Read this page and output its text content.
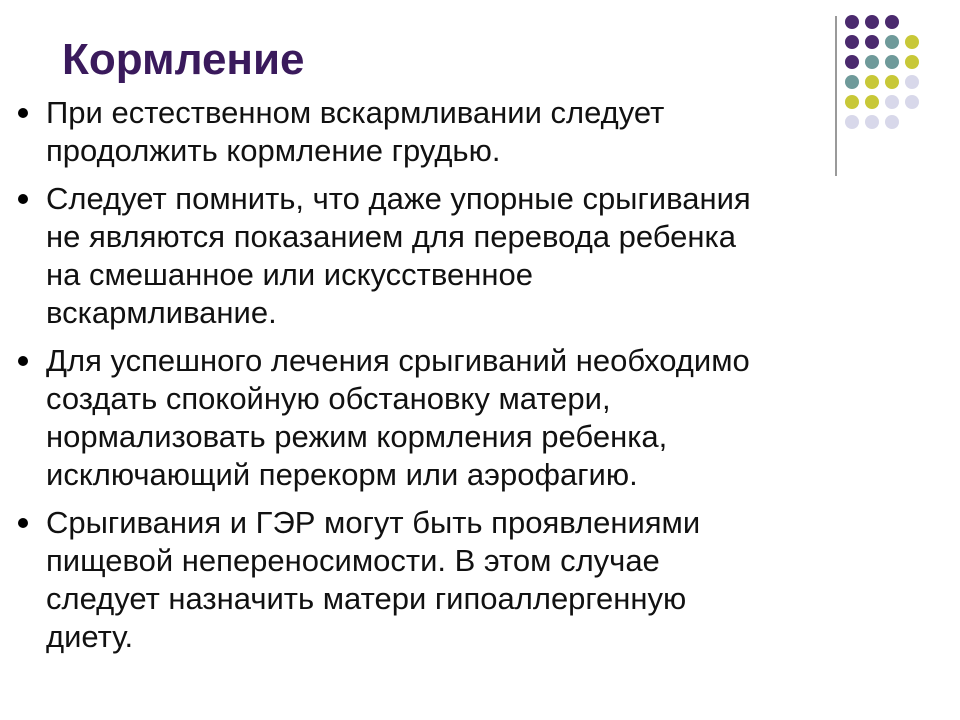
Кормление
При естественном вскармливании следует
продолжить кормление грудью.
Следует помнить, что даже упорные срыгивания
не являются показанием для перевода ребенка
на смешанное или искусственное
вскармливание.
Для успешного лечения срыгиваний необходимо
создать спокойную обстановку матери,
нормализовать режим кормления ребенка,
исключающий перекорм или аэрофагию.
Срыгивания и ГЭР могут быть проявлениями
пищевой непереносимости. В этом случае
следует назначить матери гипоаллергенную
диету.
